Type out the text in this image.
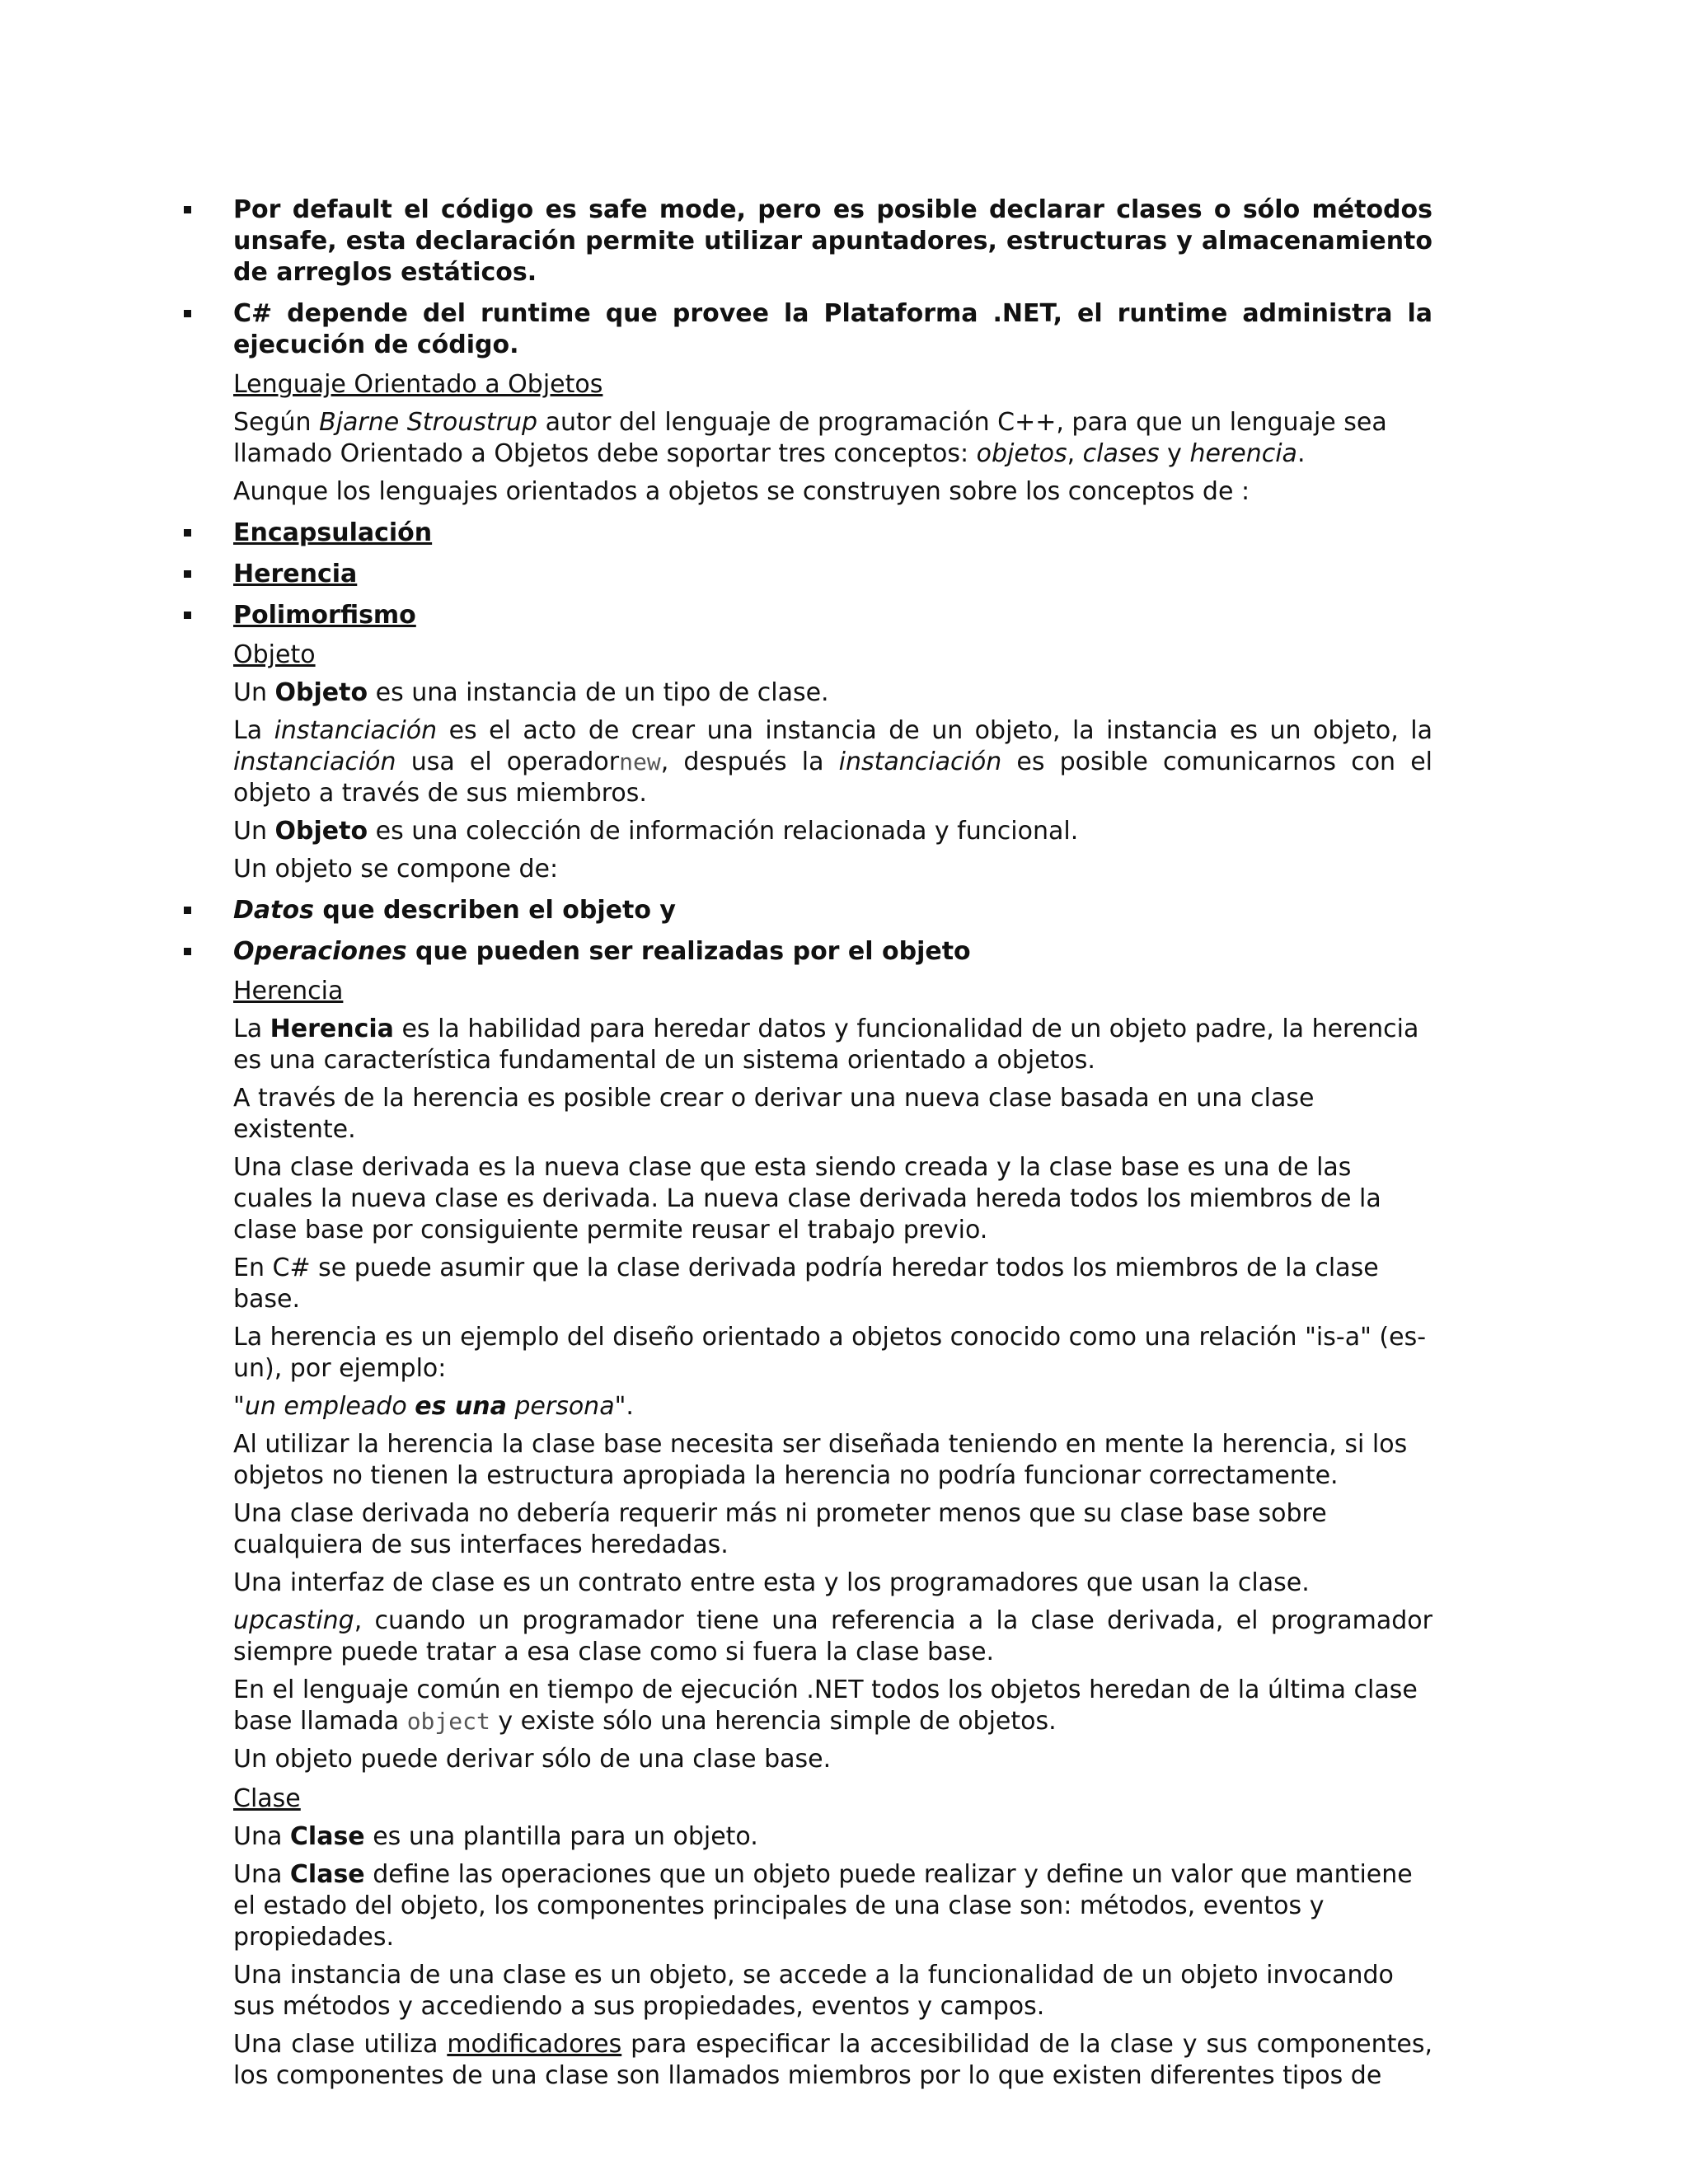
Por default el código es safe mode, pero es posible declarar clases o sólo métodos unsafe, esta declaración permite utilizar apuntadores, estructuras y almacenamiento de arreglos estáticos.

C# depende del runtime que provee la Plataforma .NET, el runtime administra la ejecución de código.

Lenguaje Orientado a Objetos

Según Bjarne Stroustrup autor del lenguaje de programación C++, para que un lenguaje sea llamado Orientado a Objetos debe soportar tres conceptos: objetos, clases y herencia.

Aunque los lenguajes orientados a objetos se construyen sobre los conceptos de :

Encapsulación

Herencia

Polimorfismo

Objeto

Un Objeto es una instancia de un tipo de clase.

La instanciación es el acto de crear una instancia de un objeto, la instancia es un objeto, la instanciación usa el operadornew, después la instanciación es posible comunicarnos con el objeto a través de sus miembros.

Un Objeto es una colección de información relacionada y funcional.

Un objeto se compone de:

Datos que describen el objeto y

Operaciones que pueden ser realizadas por el objeto

Herencia

La Herencia es la habilidad para heredar datos y funcionalidad de un objeto padre, la herencia es una característica fundamental de un sistema orientado a objetos.

A través de la herencia es posible crear o derivar una nueva clase basada en una clase existente.

Una clase derivada es la nueva clase que esta siendo creada y la clase base es una de las cuales la nueva clase es derivada. La nueva clase derivada hereda todos los miembros de la clase base por consiguiente permite reusar el trabajo previo.

En C# se puede asumir que la clase derivada podría heredar todos los miembros de la clase base.

La herencia es un ejemplo del diseño orientado a objetos conocido como una relación "is-a" (es-un), por ejemplo:

"un empleado es una persona".

Al utilizar la herencia la clase base necesita ser diseñada teniendo en mente la herencia, si los objetos no tienen la estructura apropiada la herencia no podría funcionar correctamente.

Una clase derivada no debería requerir más ni prometer menos que su clase base sobre cualquiera de sus interfaces heredadas.

Una interfaz de clase es un contrato entre esta y los programadores que usan la clase.

upcasting, cuando un programador tiene una referencia a la clase derivada, el programador siempre puede tratar a esa clase como si fuera la clase base.

En el lenguaje común en tiempo de ejecución .NET todos los objetos heredan de la última clase base llamada object y existe sólo una herencia simple de objetos.

Un objeto puede derivar sólo de una clase base.

Clase

Una Clase es una plantilla para un objeto.

Una Clase define las operaciones que un objeto puede realizar y define un valor que mantiene el estado del objeto, los componentes principales de una clase son: métodos, eventos y propiedades.

Una instancia de una clase es un objeto, se accede a la funcionalidad de un objeto invocando sus métodos y accediendo a sus propiedades, eventos y campos.

Una clase utiliza modificadores para especificar la accesibilidad de la clase y sus componentes, los componentes de una clase son llamados miembros por lo que existen diferentes tipos de
